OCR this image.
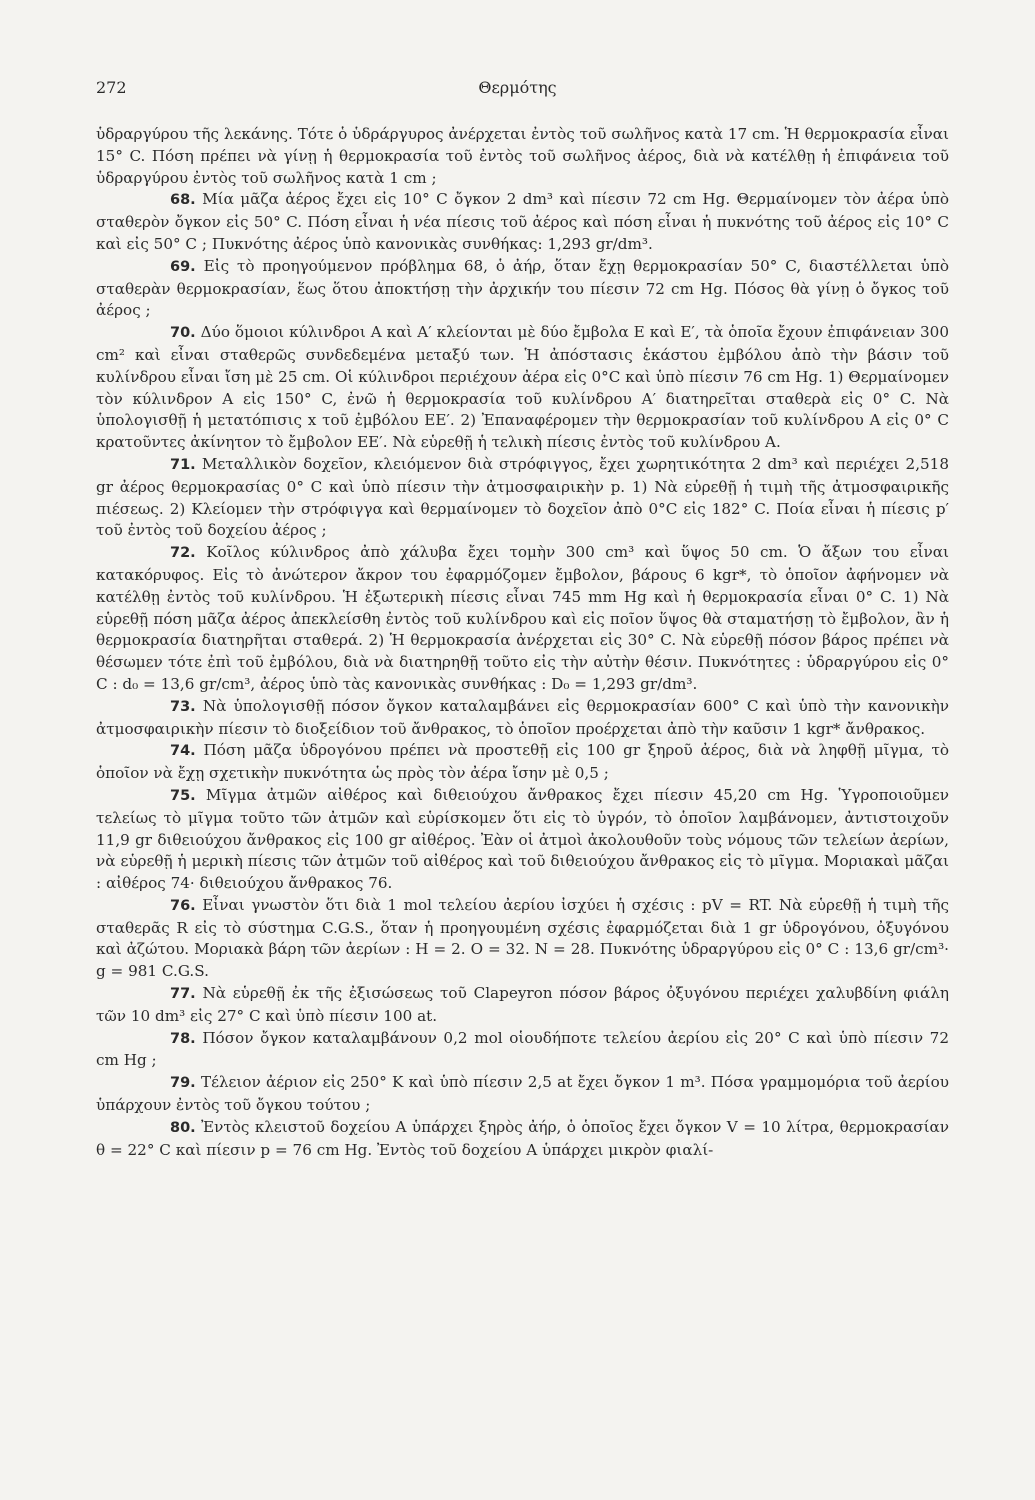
272	Θερμότης

ὑδραργύρου τῆς λεκάνης. Τότε ὁ ὑδράργυρος ἀνέρχεται ἐντὸς τοῦ σωλῆνος κατὰ 17 cm. Ἡ θερμοκρασία εἶναι 15° C. Πόση πρέπει νὰ γίνῃ ἡ θερμοκρασία τοῦ ἐντὸς τοῦ σωλῆνος ἀέρος, διὰ νὰ κατέλθῃ ἡ ἐπιφάνεια τοῦ ὑδραργύρου ἐντὸς τοῦ σωλῆνος κατὰ 1 cm ;

68. Μία μᾶζα ἀέρος ἔχει εἰς 10° C ὄγκον 2 dm³ καὶ πίεσιν 72 cm Hg. Θερμαίνομεν τὸν ἀέρα ὑπὸ σταθερὸν ὄγκον εἰς 50° C. Πόση εἶναι ἡ νέα πίεσις τοῦ ἀέρος καὶ πόση εἶναι ἡ πυκνότης τοῦ ἀέρος εἰς 10° C καὶ εἰς 50° C ; Πυκνότης ἀέρος ὑπὸ κανονικὰς συνθήκας: 1,293 gr/dm³.

69. Εἰς τὸ προηγούμενον πρόβλημα 68, ὁ ἀήρ, ὅταν ἔχῃ θερμοκρασίαν 50° C, διαστέλλεται ὑπὸ σταθερὰν θερμοκρασίαν, ἕως ὅτου ἀποκτήσῃ τὴν ἀρχικήν του πίεσιν 72 cm Hg. Πόσος θὰ γίνῃ ὁ ὄγκος τοῦ ἀέρος ;

70. Δύο ὅμοιοι κύλινδροι Α καὶ Α′ κλείονται μὲ δύο ἔμβολα Ε καὶ Ε′, τὰ ὁποῖα ἔχουν ἐπιφάνειαν 300 cm² καὶ εἶναι σταθερῶς συνδεδεμένα μεταξύ των. Ἡ ἀπόστασις ἑκάστου ἐμβόλου ἀπὸ τὴν βάσιν τοῦ κυλίνδρου εἶναι ἴση μὲ 25 cm. Οἱ κύλινδροι περιέχουν ἀέρα εἰς 0°C καὶ ὑπὸ πίεσιν 76 cm Hg. 1) Θερμαίνομεν τὸν κύλινδρον Α εἰς 150° C, ἐνῶ ἡ θερμοκρασία τοῦ κυλίνδρου Α′ διατηρεῖται σταθερὰ εἰς 0° C. Νὰ ὑπολογισθῇ ἡ μετατόπισις x τοῦ ἐμβόλου ΕΕ′. 2) Ἐπαναφέρομεν τὴν θερμοκρασίαν τοῦ κυλίνδρου Α εἰς 0° C κρατοῦντες ἀκίνητον τὸ ἔμβολον ΕΕ′. Νὰ εὑρεθῇ ἡ τελικὴ πίεσις ἐντὸς τοῦ κυλίνδρου Α.

71. Μεταλλικὸν δοχεῖον, κλειόμενον διὰ στρόφιγγος, ἔχει χωρητικότητα 2 dm³ καὶ περιέχει 2,518 gr ἀέρος θερμοκρασίας 0° C καὶ ὑπὸ πίεσιν τὴν ἀτμοσφαιρικὴν p. 1) Νὰ εὑρεθῇ ἡ τιμὴ τῆς ἀτμοσφαιρικῆς πιέσεως. 2) Κλείομεν τὴν στρόφιγγα καὶ θερμαίνομεν τὸ δοχεῖον ἀπὸ 0°C εἰς 182° C. Ποία εἶναι ἡ πίεσις p′ τοῦ ἐντὸς τοῦ δοχείου ἀέρος ;

72. Κοῖλος κύλινδρος ἀπὸ χάλυβα ἔχει τομὴν 300 cm³ καὶ ὕψος 50 cm. Ὁ ἄξων του εἶναι κατακόρυφος. Εἰς τὸ ἀνώτερον ἄκρον του ἐφαρμόζομεν ἔμβολον, βάρους 6 kgr*, τὸ ὁποῖον ἀφήνομεν νὰ κατέλθῃ ἐντὸς τοῦ κυλίνδρου. Ἡ ἐξωτερικὴ πίεσις εἶναι 745 mm Hg καὶ ἡ θερμοκρασία εἶναι 0° C. 1) Νὰ εὑρεθῇ πόση μᾶζα ἀέρος ἀπεκλείσθη ἐντὸς τοῦ κυλίνδρου καὶ εἰς ποῖον ὕψος θὰ σταματήσῃ τὸ ἔμβολον, ἂν ἡ θερμοκρασία διατηρῆται σταθερά. 2) Ἡ θερμοκρασία ἀνέρχεται εἰς 30° C. Νὰ εὑρεθῇ πόσον βάρος πρέπει νὰ θέσωμεν τότε ἐπὶ τοῦ ἐμβόλου, διὰ νὰ διατηρηθῇ τοῦτο εἰς τὴν αὐτὴν θέσιν. Πυκνότητες : ὑδραργύρου εἰς 0° C : d₀ = 13,6 gr/cm³, ἀέρος ὑπὸ τὰς κανονικὰς συνθήκας : D₀ = 1,293 gr/dm³.

73. Νὰ ὑπολογισθῇ πόσον ὄγκον καταλαμβάνει εἰς θερμοκρασίαν 600° C καὶ ὑπὸ τὴν κανονικὴν ἀτμοσφαιρικὴν πίεσιν τὸ διοξείδιον τοῦ ἄνθρακος, τὸ ὁποῖον προέρχεται ἀπὸ τὴν καῦσιν 1 kgr* ἄνθρακος.

74. Πόση μᾶζα ὑδρογόνου πρέπει νὰ προστεθῇ εἰς 100 gr ξηροῦ ἀέρος, διὰ νὰ ληφθῇ μῖγμα, τὸ ὁποῖον νὰ ἔχῃ σχετικὴν πυκνότητα ὡς πρὸς τὸν ἀέρα ἴσην μὲ 0,5 ;

75. Μῖγμα ἀτμῶν αἰθέρος καὶ διθειούχου ἄνθρακος ἔχει πίεσιν 45,20 cm Hg. Ὑγροποιοῦμεν τελείως τὸ μῖγμα τοῦτο τῶν ἀτμῶν καὶ εὑρίσκομεν ὅτι εἰς τὸ ὑγρόν, τὸ ὁποῖον λαμβάνομεν, ἀντιστοιχοῦν 11,9 gr διθειούχου ἄνθρακος εἰς 100 gr αἰθέρος. Ἐὰν οἱ ἀτμοὶ ἀκολουθοῦν τοὺς νόμους τῶν τελείων ἀερίων, νὰ εὑρεθῇ ἡ μερικὴ πίεσις τῶν ἀτμῶν τοῦ αἰθέρος καὶ τοῦ διθειούχου ἄνθρακος εἰς τὸ μῖγμα. Μοριακαὶ μᾶζαι : αἰθέρος 74· διθειούχου ἄνθρακος 76.

76. Εἶναι γνωστὸν ὅτι διὰ 1 mol τελείου ἀερίου ἰσχύει ἡ σχέσις : pV = RT. Νὰ εὑρεθῇ ἡ τιμὴ τῆς σταθερᾶς R εἰς τὸ σύστημα C.G.S., ὅταν ἡ προηγουμένη σχέσις ἐφαρμόζεται διὰ 1 gr ὑδρογόνου, ὀξυγόνου καὶ ἀζώτου. Μοριακὰ βάρη τῶν ἀερίων : H = 2. O = 32. N = 28. Πυκνότης ὑδραργύρου εἰς 0° C : 13,6 gr/cm³· g = 981 C.G.S.

77. Νὰ εὑρεθῇ ἐκ τῆς ἐξισώσεως τοῦ Clapeyron πόσον βάρος ὀξυγόνου περιέχει χαλυβδίνη φιάλη τῶν 10 dm³ εἰς 27° C καὶ ὑπὸ πίεσιν 100 at.

78. Πόσον ὄγκον καταλαμβάνουν 0,2 mol οἱουδήποτε τελείου ἀερίου εἰς 20° C καὶ ὑπὸ πίεσιν 72 cm Hg ;

79. Τέλειον ἀέριον εἰς 250° K καὶ ὑπὸ πίεσιν 2,5 at ἔχει ὄγκον 1 m³. Πόσα γραμμομόρια τοῦ ἀερίου ὑπάρχουν ἐντὸς τοῦ ὄγκου τούτου ;

80. Ἐντὸς κλειστοῦ δοχείου Α ὑπάρχει ξηρὸς ἀήρ, ὁ ὁποῖος ἔχει ὄγκον V = 10 λίτρα, θερμοκρασίαν θ = 22° C καὶ πίεσιν p = 76 cm Hg. Ἐντὸς τοῦ δοχείου Α ὑπάρχει μικρὸν φιαλί-
